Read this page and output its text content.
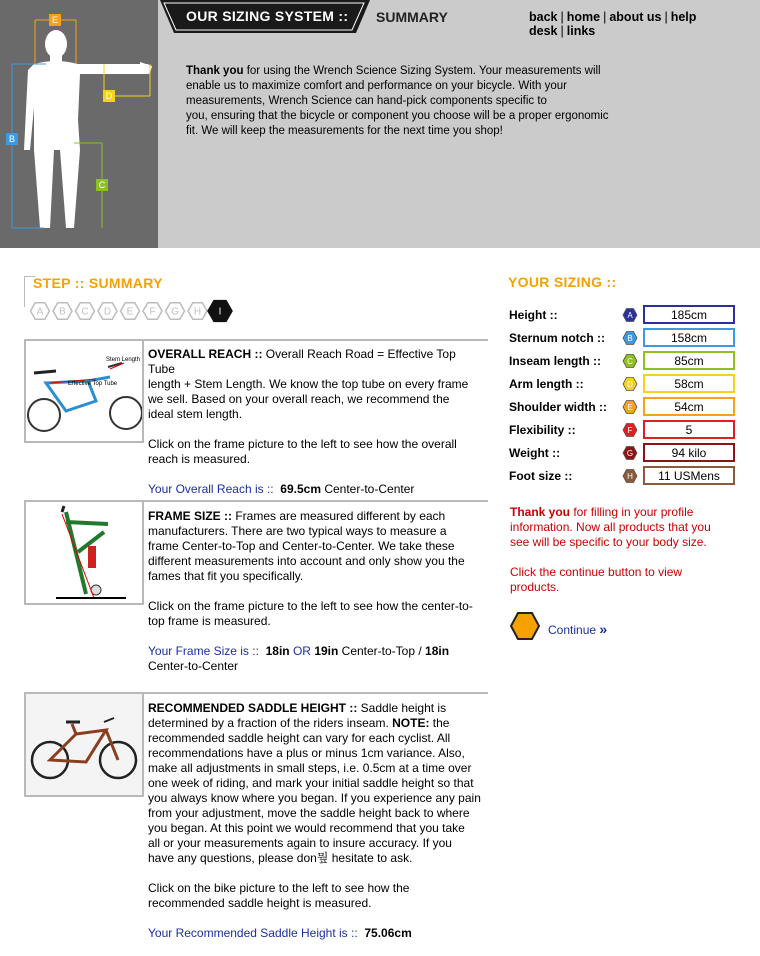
E
D
B
C
OUR SIZING SYSTEM :: SUMMARY	back | home | about us | help desk | links
Thank you for using the Wrench Science Sizing System. Your measurements will
enable us to maximize comfort and performance on your bicycle. With your
measurements, Wrench Science can hand-pick components specific to
you, ensuring that the bicycle or component you choose will be a proper ergonomic
fit. We will keep the measurements for the next time you shop!
STEP :: SUMMARY
A B C D E F G H I
Effective Top Tube
Stem Length OVERALL REACH :: Overall Reach Road = Effective Top Tube
length + Stem Length. We know the top tube on every frame
we sell. Based on your overall reach, we recommend the
ideal stem length.

Click on the frame picture to the left to see how the overall
reach is measured.

Your Overall Reach is :: 69.5cm Center-to-Center

FRAME SIZE :: Frames are measured different by each
manufacturers. There are two typical ways to measure a
frame Center-to-Top and Center-to-Center. We take these
different measurements into account and only show you the
fames that fit you specifically.

Click on the frame picture to the left to see how the center-to-
top frame is measured.

Your Frame Size is :: 18in OR 19in Center-to-Top / 18in
Center-to-Center

RECOMMENDED SADDLE HEIGHT :: Saddle height is
determined by a fraction of the riders inseam. NOTE: the
recommended saddle height can vary for each cyclist. All
recommendations have a plus or minus 1cm variance. Also,
make all adjustments in small steps, i.e. 0.5cm at a time over
one week of riding, and mark your initial saddle height so that
you always know where you began. If you experience any pain
from your adjustment, move the saddle height back to where
you began. At this point we would recommend that you take
all or your measurements again to insure accuracy. If you
have any questions, please don뭪 hesitate to ask.

Click on the bike picture to the left to see how the
recommended saddle height is measured.

Your Recommended Saddle Height is :: 75.06cm

YOUR SIZING ::
Height ::	A	185cm
Sternum notch ::	B	158cm
Inseam length ::	C	85cm
Arm length ::	D	58cm
Shoulder width ::	E	54cm
Flexibility ::	F	5
Weight ::	G	94 kilo
Foot size ::	H	11 USMens
Thank you for filling in your profile
information. Now all products that you
see will be specific to your body size.

Click the continue button to view
products.
Continue »
